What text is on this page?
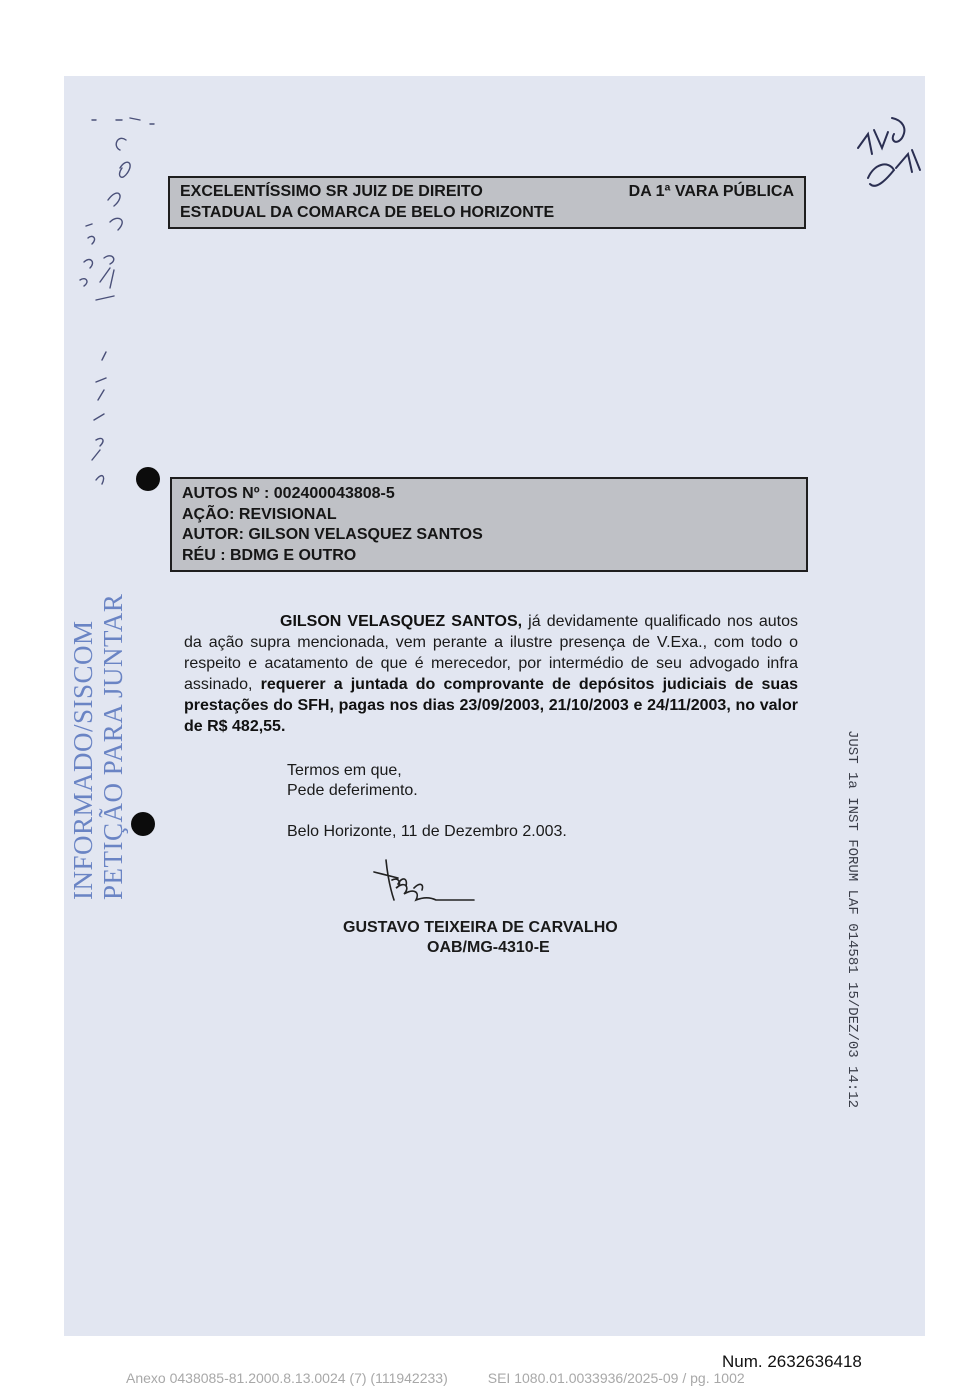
EXCELENTÍSSIMO SR JUIZ DE DIREITO	DA 1ª VARA PÚBLICA
ESTADUAL DA COMARCA DE BELO HORIZONTE
AUTOS Nº : 002400043808-5
AÇÃO: REVISIONAL
AUTOR: GILSON VELASQUEZ SANTOS
RÉU : BDMG E OUTRO
GILSON VELASQUEZ SANTOS, já devidamente qualificado nos autos da ação supra mencionada, vem perante a ilustre presença de V.Exa., com todo o respeito e acatamento de que é merecedor, por intermédio de seu advogado infra assinado, requerer a juntada do comprovante de depósitos judiciais de suas prestações do SFH, pagas nos dias 23/09/2003, 21/10/2003 e 24/11/2003, no valor de R$ 482,55.
Termos em que,
Pede deferimento.
Belo Horizonte, 11 de Dezembro 2.003.
GUSTAVO TEIXEIRA DE CARVALHO
OAB/MG-4310-E
INFORMADO/SISCOM PETIÇÃO PARA JUNTAR	JUST 1a INST FORUM LAF 014581 15/DEZ/03 14:12
Num. 2632636418
Anexo 0438085-81.2000.8.13.0024 (7) (111942233)	SEI 1080.01.0033936/2025-09 / pg. 1002
